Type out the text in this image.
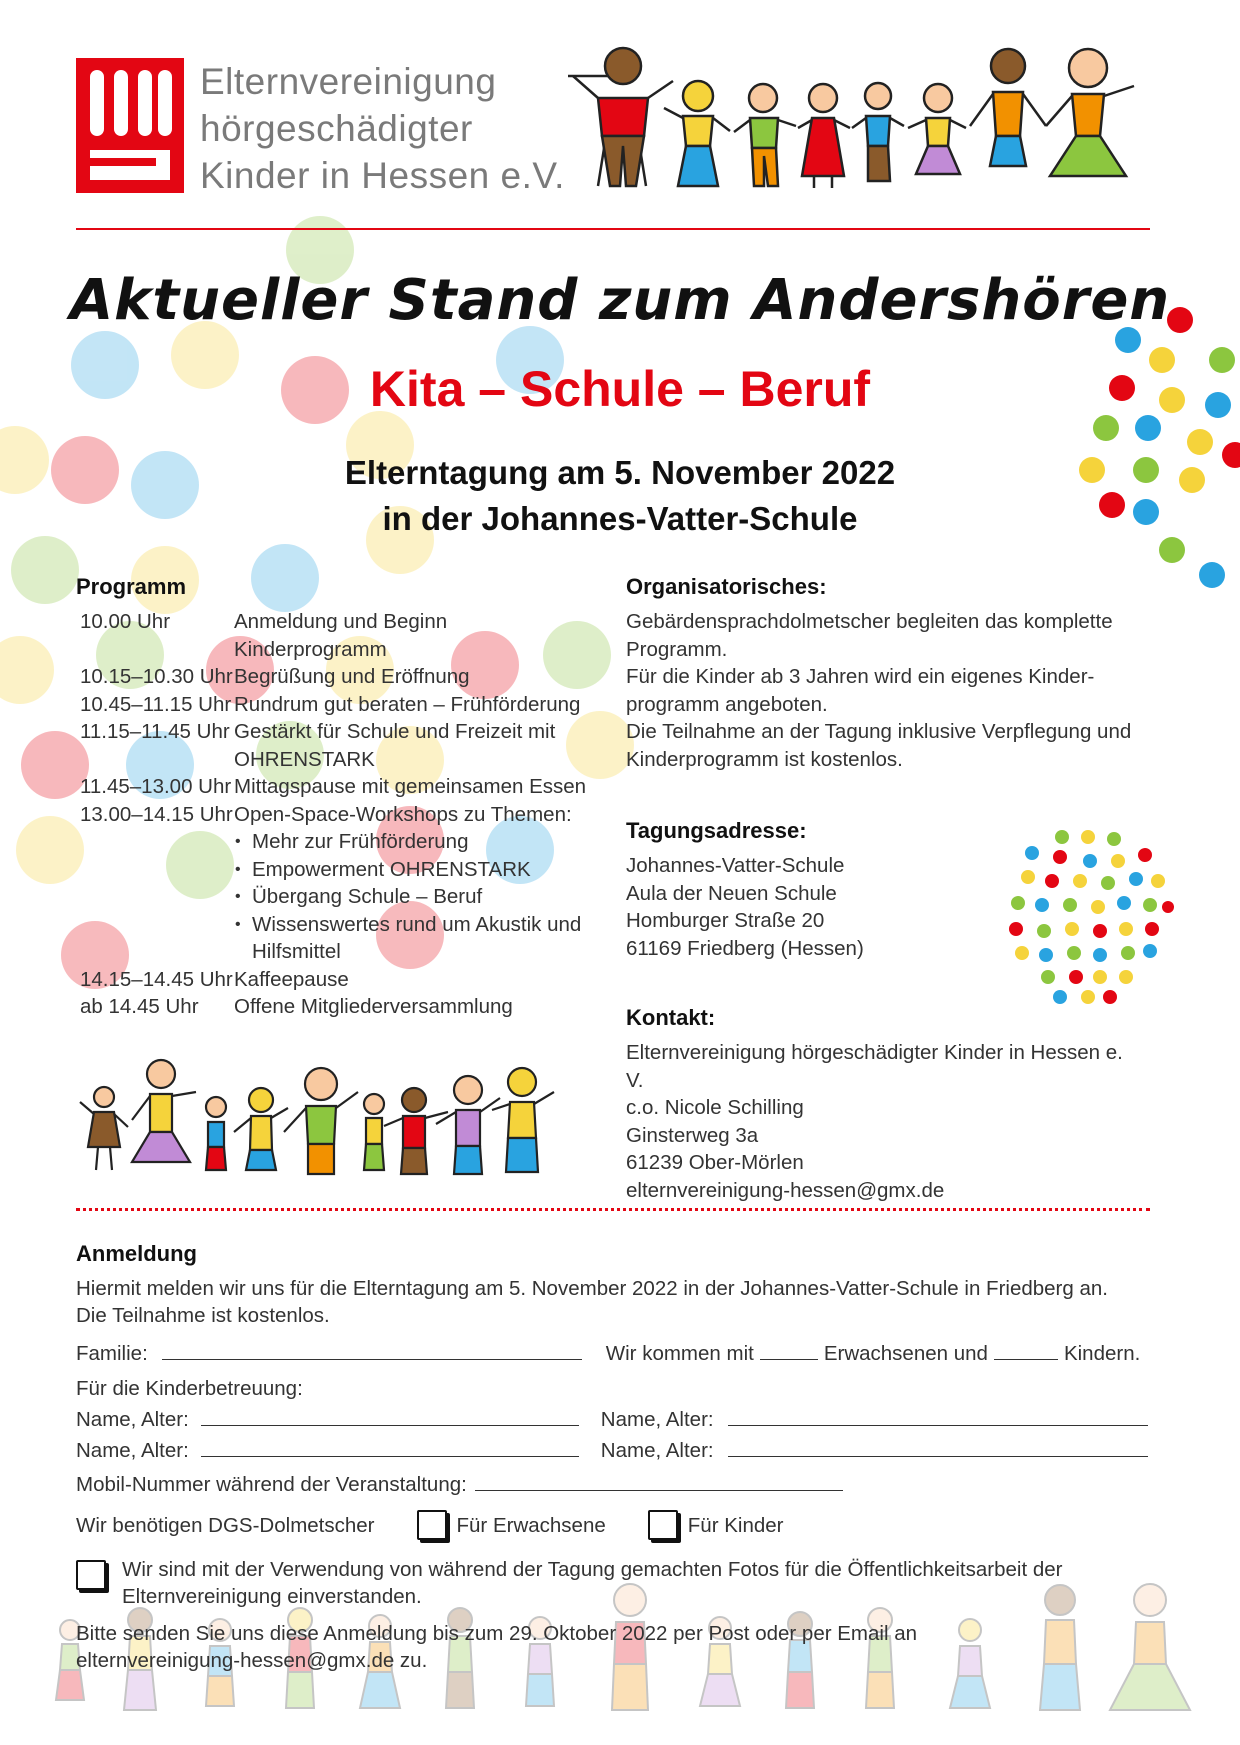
Elternvereinigung
hörgeschädigter
Kinder in Hessen e.V.
Aktueller Stand zum Andershören
Kita – Schule – Beruf
Elterntagung am 5. November 2022
in der Johannes-Vatter-Schule
Programm
10.00 Uhr	Anmeldung und Beginn Kinderprogramm
10.15–10.30 Uhr Begrüßung und Eröffnung
10.45–11.15 Uhr Rundrum gut beraten – Frühförderung
11.15–11.45 Uhr Gestärkt für Schule und Freizeit mit OHRENSTARK
11.45–13.00 Uhr Mittagspause mit gemeinsamen Essen
13.00–14.15 Uhr Open-Space-Workshops zu Themen:
• Mehr zur Frühförderung
• Empowerment OHRENSTARK
• Übergang Schule – Beruf
• Wissenswertes rund um Akustik und Hilfsmittel
14.15–14.45 Uhr Kaffeepause
ab 14.45 Uhr	Offene Mitgliederversammlung
Organisatorisches:
Gebärdensprachdolmetscher begleiten das komplette Programm.
Für die Kinder ab 3 Jahren wird ein eigenes Kinder-programm angeboten.
Die Teilnahme an der Tagung inklusive Verpflegung und Kinderprogramm ist kostenlos.
Tagungsadresse:
Johannes-Vatter-Schule
Aula der Neuen Schule
Homburger Straße 20
61169 Friedberg (Hessen)
Kontakt:
Elternvereinigung hörgeschädigter Kinder in Hessen e. V.
c.o. Nicole Schilling
Ginsterweg 3a
61239 Ober-Mörlen
elternvereinigung-hessen@gmx.de
Anmeldung
Hiermit melden wir uns für die Elterntagung am 5. November 2022 in der Johannes-Vatter-Schule in Friedberg an.
Die Teilnahme ist kostenlos.
Familie:	Wir kommen mit	Erwachsenen und	Kindern.
Für die Kinderbetreuung:
Name, Alter:	Name, Alter:
Name, Alter:	Name, Alter:
Mobil-Nummer während der Veranstaltung:
Wir benötigen DGS-Dolmetscher	Für Erwachsene	Für Kinder
Wir sind mit der Verwendung von während der Tagung gemachten Fotos für die Öffentlichkeitsarbeit der Elternvereinigung einverstanden.
Bitte senden Sie uns diese Anmeldung bis zum 29. Oktober 2022 per Post oder per Email an
elternvereinigung-hessen@gmx.de zu.
